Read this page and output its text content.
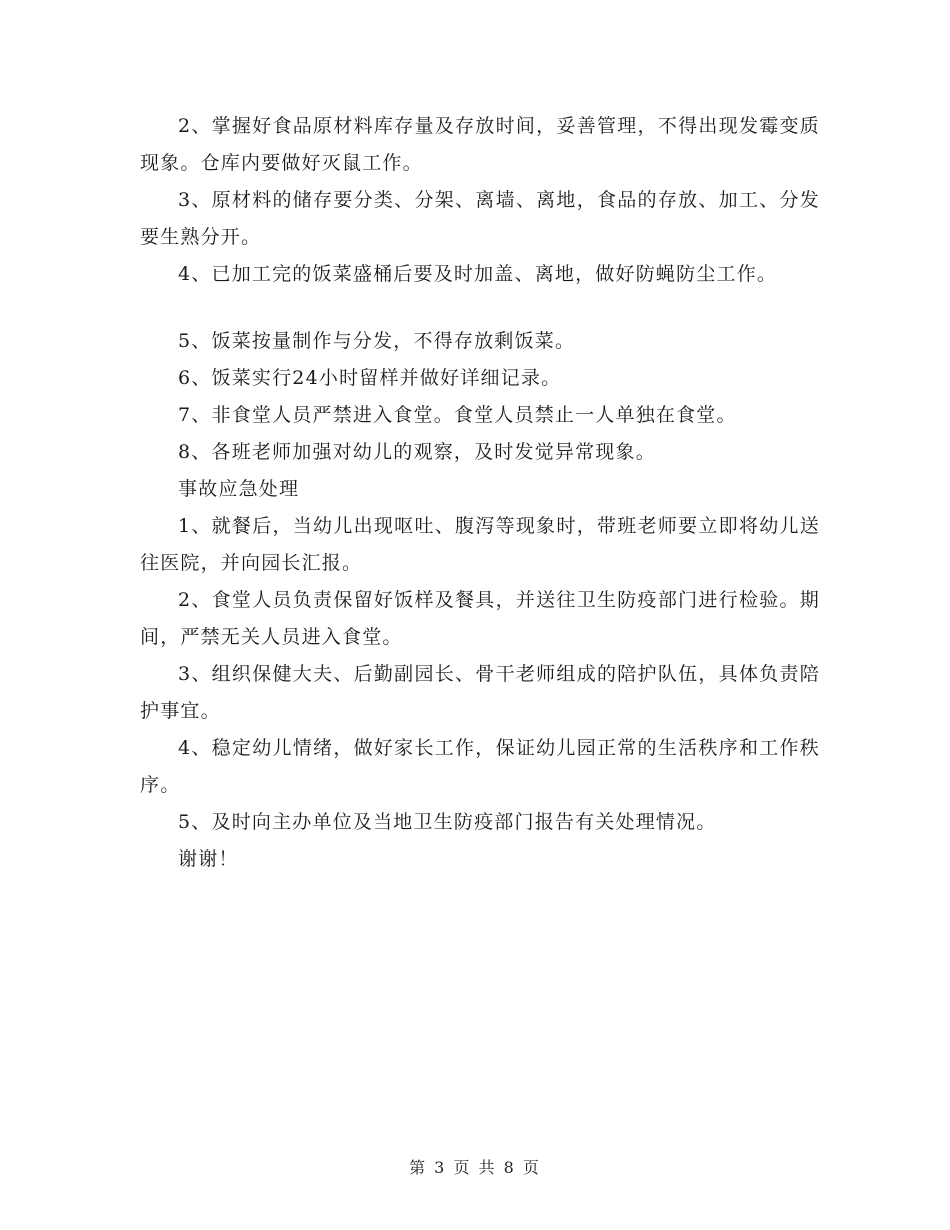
2、掌握好食品原材料库存量及存放时间，妥善管理，不得出现发霉变质现象。仓库内要做好灭鼠工作。

3、原材料的储存要分类、分架、离墙、离地，食品的存放、加工、分发要生熟分开。

4、已加工完的饭菜盛桶后要及时加盖、离地，做好防蝇防尘工作。

5、饭菜按量制作与分发，不得存放剩饭菜。

6、饭菜实行24小时留样并做好详细记录。

7、非食堂人员严禁进入食堂。食堂人员禁止一人单独在食堂。

8、各班老师加强对幼儿的观察，及时发觉异常现象。

事故应急处理

1、就餐后，当幼儿出现呕吐、腹泻等现象时，带班老师要立即将幼儿送往医院，并向园长汇报。

2、食堂人员负责保留好饭样及餐具，并送往卫生防疫部门进行检验。期间，严禁无关人员进入食堂。

3、组织保健大夫、后勤副园长、骨干老师组成的陪护队伍，具体负责陪护事宜。

4、稳定幼儿情绪，做好家长工作，保证幼儿园正常的生活秩序和工作秩序。

5、及时向主办单位及当地卫生防疫部门报告有关处理情况。

谢谢！

第 3 页 共 8 页
